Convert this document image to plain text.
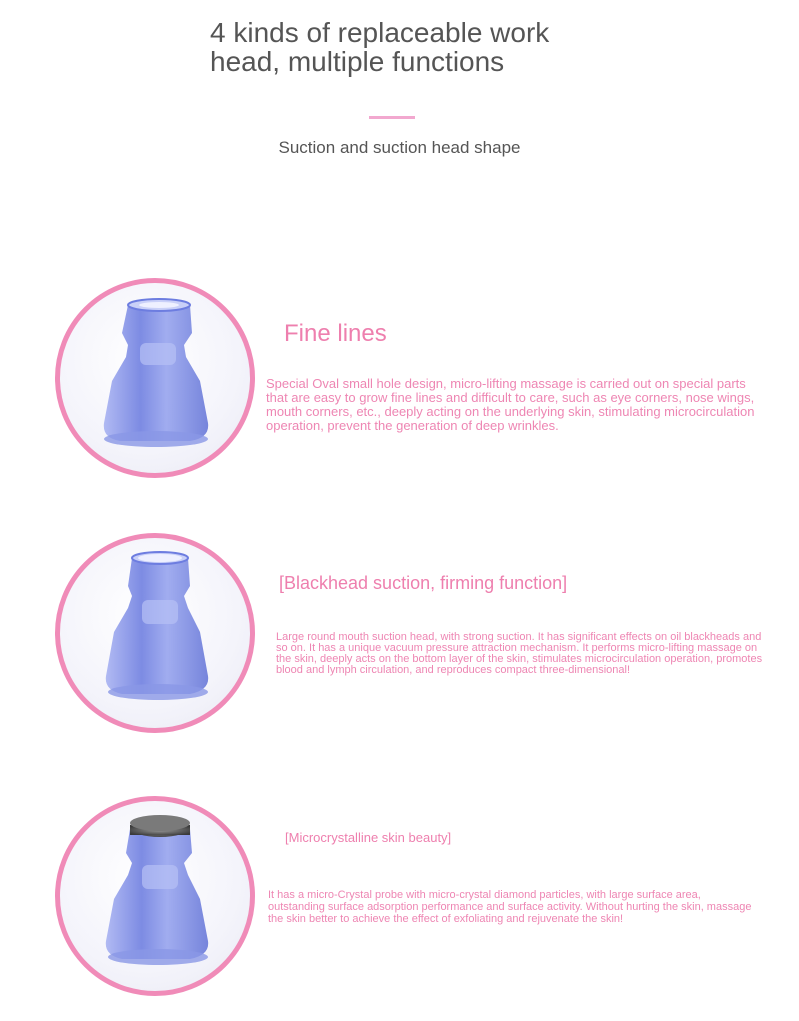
4 kinds of replaceable work
head, multiple functions
Suction and suction head shape
Fine lines

Special Oval small hole design, micro-lifting massage is carried out on special parts that are easy to grow fine lines and difficult to care, such as eye corners, nose wings, mouth corners, etc., deeply acting on the underlying skin, stimulating microcirculation operation, prevent the generation of deep wrinkles.

[Blackhead suction, firming function]

Large round mouth suction head, with strong suction. It has significant effects on oil blackheads and so on. It has a unique vacuum pressure attraction mechanism. It performs micro-lifting massage on the skin, deeply acts on the bottom layer of the skin, stimulates microcirculation operation, promotes blood and lymph circulation, and reproduces compact three-dimensional!

[Microcrystalline skin beauty]

It has a micro-Crystal probe with micro-crystal diamond particles, with large surface area, outstanding surface adsorption performance and surface activity. Without hurting the skin, massage the skin better to achieve the effect of exfoliating and rejuvenate the skin!
